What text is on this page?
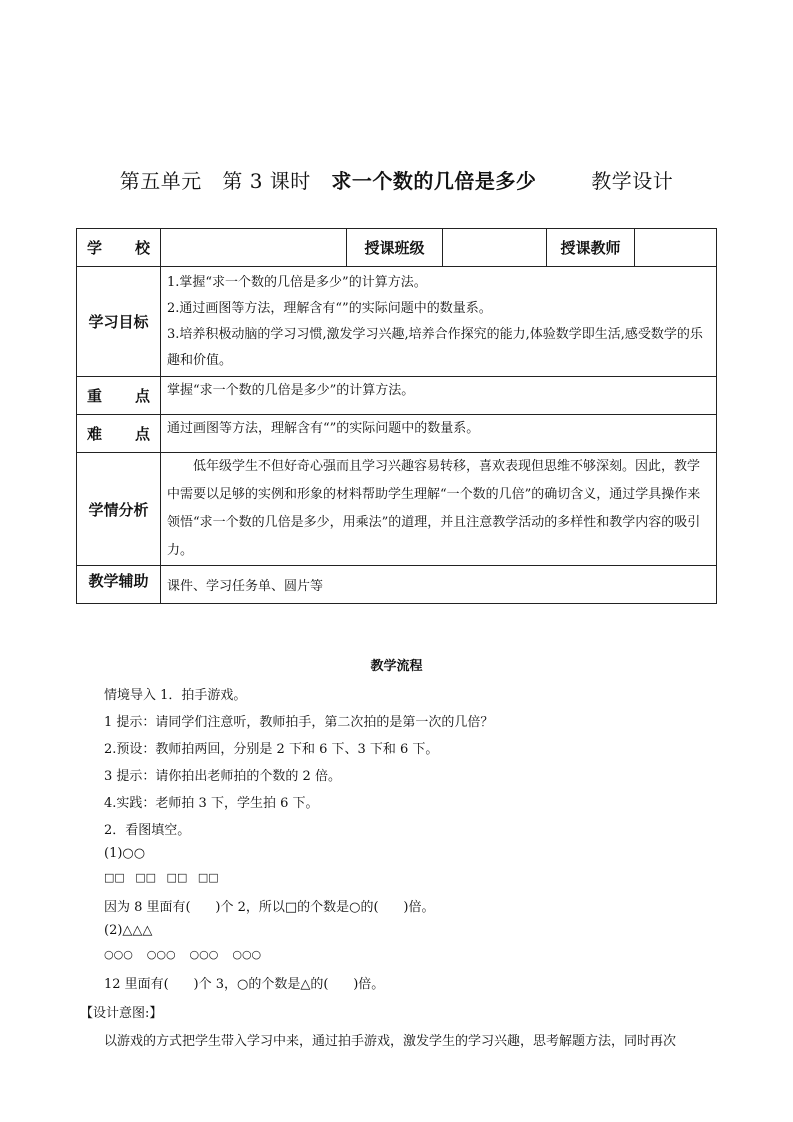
第五单元 第 3 课时 求一个数的几倍是多少	教学设计
学 校		授课班级		授课教师	
学习目标	1.掌握“求一个数的几倍是多少”的计算方法。
2.通过画图等方法，理解含有“”的实际问题中的数量系。
3.培养积极动脑的学习习惯,激发学习兴趣,培养合作探究的能力,体验数学即生活,感受数学的乐趣和价值。				

重 点	掌握“求一个数的几倍是多少”的计算方法。				

难 点	通过画图等方法，理解含有“”的实际问题中的数量系。				
学情分析	低年级学生不但好奇心强而且学习兴趣容易转移，喜欢表现但思维不够深刻。因此，教学中需要以足够的实例和形象的材料帮助学生理解“一个数的几倍”的确切含义，通过学具操作来领悟“求一个数的几倍是多少，用乘法”的道理，并且注意教学活动的多样性和教学内容的吸引力。				

教学辅助	课件、学习任务单、圆片等				
教学流程
情境导入 1．拍手游戏。
1 提示：请同学们注意听，教师拍手，第二次拍的是第一次的几倍？
2.预设：教师拍两回，分别是 2 下和 6 下、3 下和 6 下。
3 提示：请你拍出老师拍的个数的 2 倍。
4.实践：老师拍 3 下，学生拍 6 下。
2．看图填空。
(1)○○
□□   □□   □□   □□
因为 8 里面有(      )个 2，所以□的个数是○的(      )倍。
(2)△△△
○○○    ○○○    ○○○    ○○○
12 里面有(      )个 3，○的个数是△的(      )倍。
【设计意图:】
以游戏的方式把学生带入学习中来，通过拍手游戏，激发学生的学习兴趣，思考解题方法，同时再次
